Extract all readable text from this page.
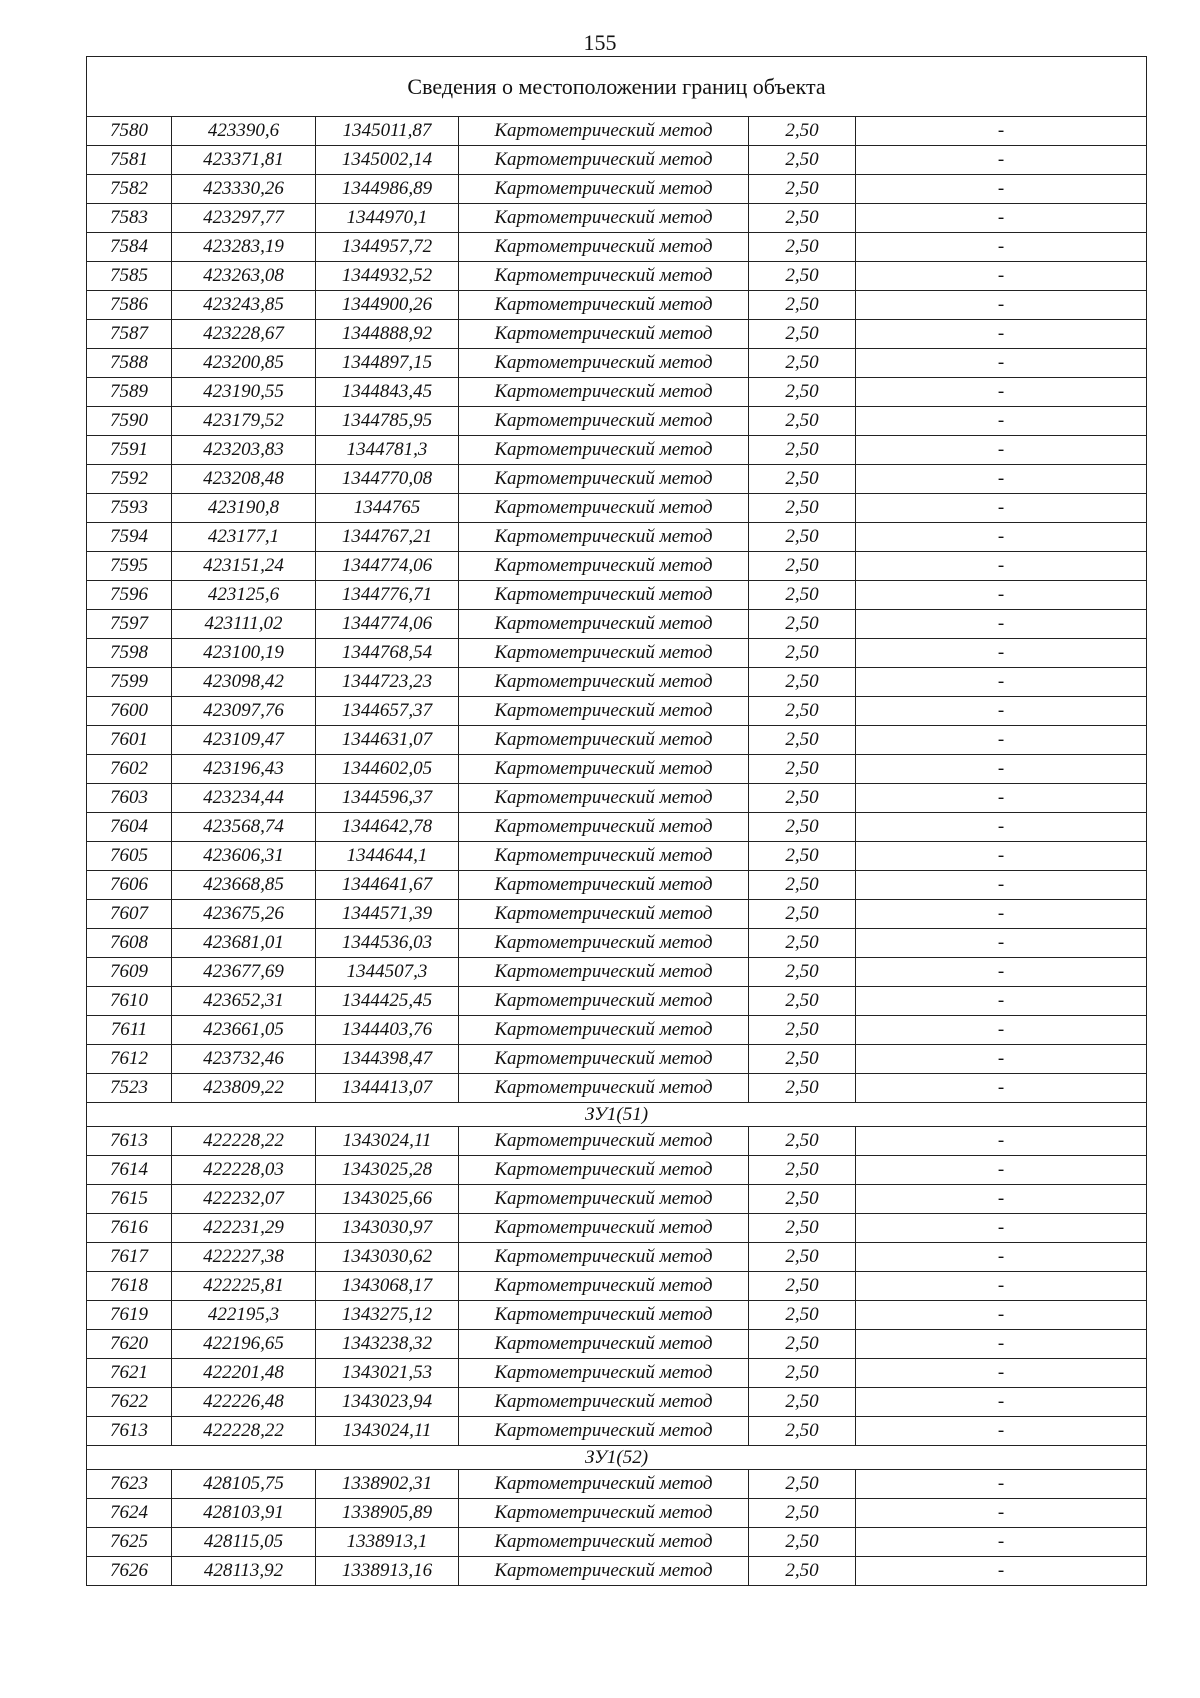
155
Сведения о местоположении границ объекта					
7580	423390,6	1345011,87	Картометрический метод	2,50	-
7581	423371,81	1345002,14	Картометрический метод	2,50	-
7582	423330,26	1344986,89	Картометрический метод	2,50	-
7583	423297,77	1344970,1	Картометрический метод	2,50	-
7584	423283,19	1344957,72	Картометрический метод	2,50	-
7585	423263,08	1344932,52	Картометрический метод	2,50	-
7586	423243,85	1344900,26	Картометрический метод	2,50	-
7587	423228,67	1344888,92	Картометрический метод	2,50	-
7588	423200,85	1344897,15	Картометрический метод	2,50	-
7589	423190,55	1344843,45	Картометрический метод	2,50	-
7590	423179,52	1344785,95	Картометрический метод	2,50	-
7591	423203,83	1344781,3	Картометрический метод	2,50	-
7592	423208,48	1344770,08	Картометрический метод	2,50	-
7593	423190,8	1344765	Картометрический метод	2,50	-
7594	423177,1	1344767,21	Картометрический метод	2,50	-
7595	423151,24	1344774,06	Картометрический метод	2,50	-
7596	423125,6	1344776,71	Картометрический метод	2,50	-
7597	423111,02	1344774,06	Картометрический метод	2,50	-
7598	423100,19	1344768,54	Картометрический метод	2,50	-
7599	423098,42	1344723,23	Картометрический метод	2,50	-
7600	423097,76	1344657,37	Картометрический метод	2,50	-
7601	423109,47	1344631,07	Картометрический метод	2,50	-
7602	423196,43	1344602,05	Картометрический метод	2,50	-
7603	423234,44	1344596,37	Картометрический метод	2,50	-
7604	423568,74	1344642,78	Картометрический метод	2,50	-
7605	423606,31	1344644,1	Картометрический метод	2,50	-
7606	423668,85	1344641,67	Картометрический метод	2,50	-
7607	423675,26	1344571,39	Картометрический метод	2,50	-
7608	423681,01	1344536,03	Картометрический метод	2,50	-
7609	423677,69	1344507,3	Картометрический метод	2,50	-
7610	423652,31	1344425,45	Картометрический метод	2,50	-
7611	423661,05	1344403,76	Картометрический метод	2,50	-
7612	423732,46	1344398,47	Картометрический метод	2,50	-
7523	423809,22	1344413,07	Картометрический метод	2,50	-
ЗУ1(51)					
7613	422228,22	1343024,11	Картометрический метод	2,50	-
7614	422228,03	1343025,28	Картометрический метод	2,50	-
7615	422232,07	1343025,66	Картометрический метод	2,50	-
7616	422231,29	1343030,97	Картометрический метод	2,50	-
7617	422227,38	1343030,62	Картометрический метод	2,50	-
7618	422225,81	1343068,17	Картометрический метод	2,50	-
7619	422195,3	1343275,12	Картометрический метод	2,50	-
7620	422196,65	1343238,32	Картометрический метод	2,50	-
7621	422201,48	1343021,53	Картометрический метод	2,50	-
7622	422226,48	1343023,94	Картометрический метод	2,50	-
7613	422228,22	1343024,11	Картометрический метод	2,50	-
ЗУ1(52)					
7623	428105,75	1338902,31	Картометрический метод	2,50	-
7624	428103,91	1338905,89	Картометрический метод	2,50	-
7625	428115,05	1338913,1	Картометрический метод	2,50	-
7626	428113,92	1338913,16	Картометрический метод	2,50	-
